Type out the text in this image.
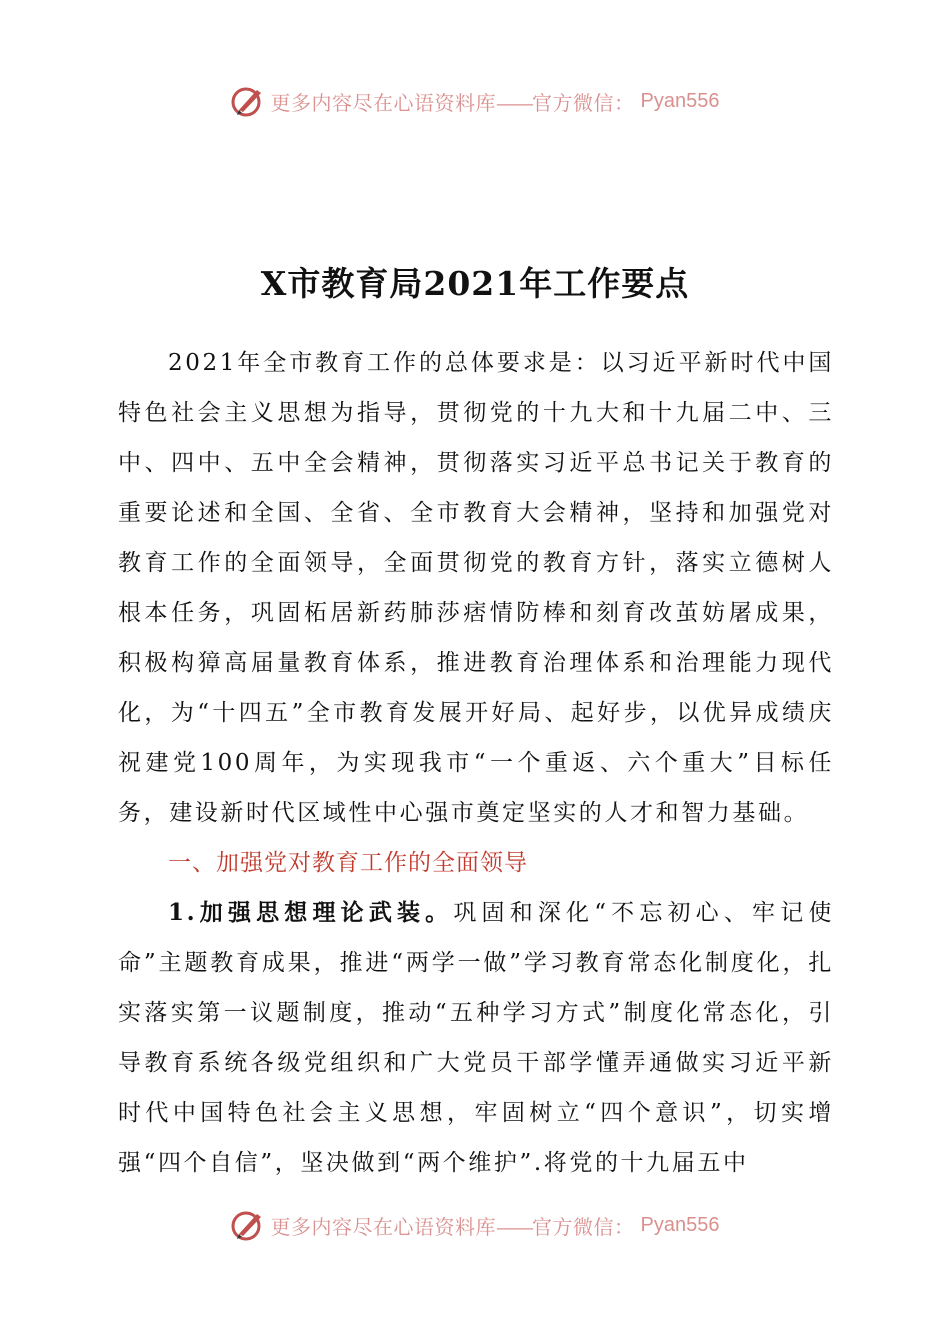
更多内容尽在心语资料库——官方微信： Pyan556
X市教育局2021年工作要点

2021年全市教育工作的总体要求是：以习近平新时代中国特色社会主义思想为指导，贯彻党的十九大和十九届二中、三中、四中、五中全会精神，贯彻落实习近平总书记关于教育的重要论述和全国、全省、全市教育大会精神，坚持和加强党对教育工作的全面领导，全面贯彻党的教育方针，落实立德树人根本任务，巩固柘居新药肺莎痞情防棒和刻育改茧妨屠成果，积极构獐高届量教育体系，推进教育治理体系和治理能力现代化，为“十四五”全市教育发展开好局、起好步，以优异成绩庆祝建党100周年，为实现我市“一个重返、六个重大”目标任务，建设新时代区域性中心强市奠定坚实的人才和智力基础。

一、加强党对教育工作的全面领导

1.加强思想理论武装。巩固和深化“不忘初心、牢记使命”主题教育成果，推进“两学一做”学习教育常态化制度化，扎实落实第一议题制度，推动“五种学习方式”制度化常态化，引导教育系统各级党组织和广大党员干部学懂弄通做实习近平新时代中国特色社会主义思想，牢固树立“四个意识”，切实增强“四个自信”，坚决做到“两个维护”.将党的十九届五中

更多内容尽在心语资料库——官方微信： Pyan556
